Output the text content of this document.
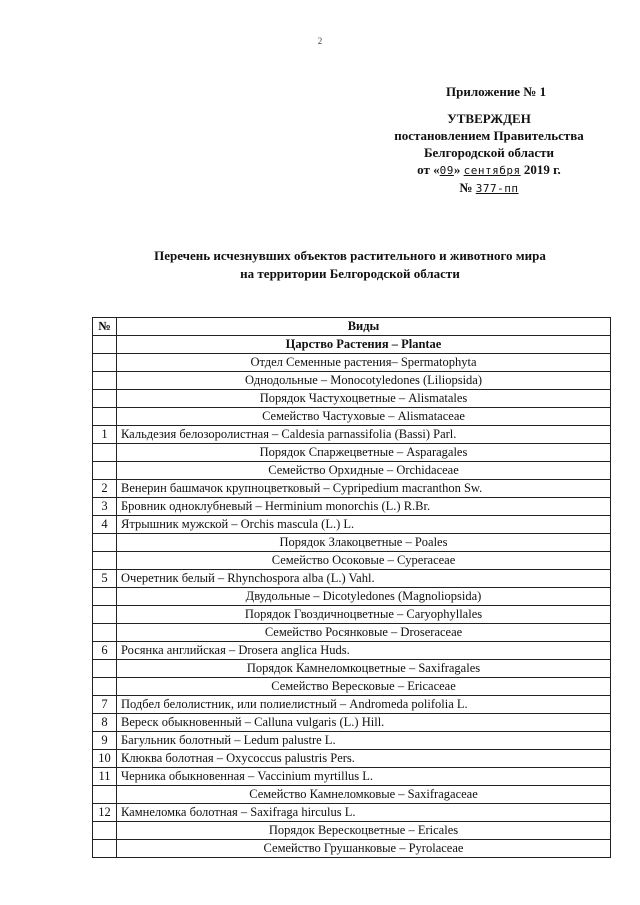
2
Приложение № 1
УТВЕРЖДЕН
постановлением Правительства
Белгородской области
от «09» сентября 2019 г.
№ 377-пп
Перечень исчезнувших объектов растительного и животного мира
на территории Белгородской области
№	Виды
	Царство Растения – Plantae
	Отдел Семенные растения– Spermatophyta
	Однодольные – Monocotyledones (Liliopsida)
	Порядок Частухоцветные – Alismatales
	Семейство Частуховые – Alismataceae
1	Кальдезия белозоролистная – Caldesia parnassifolia (Bassi) Parl.
	Порядок Спаржецветные – Asparagales
	Семейство Орхидные – Orchidaceae
2	Венерин башмачок крупноцветковый – Cypripedium macranthon Sw.
3	Бровник одноклубневый – Herminium monorchis (L.) R.Br.
4	Ятрышник мужской – Orchis mascula (L.) L.
	Порядок Злакоцветные – Poales
	Семейство Осоковые – Cyperaceae
5	Очеретник белый – Rhynchospora alba (L.) Vahl.
	Двудольные – Dicotyledones (Magnoliopsida)
	Порядок Гвоздичноцветные – Caryophyllales
	Семейство Росянковые – Droseraceae
6	Росянка английская – Drosera anglica Huds.
	Порядок Камнеломкоцветные – Saxifragales
	Семейство Вересковые – Ericaceae
7	Подбел белолистник, или полиелистный – Andromeda polifolia L.
8	Вереск обыкновенный – Calluna vulgaris (L.) Hill.
9	Багульник болотный – Ledum palustre L.
10	Клюква болотная – Oxycoccus palustris Pers.
11	Черника обыкновенная – Vaccinium myrtillus L.
	Семейство Камнеломковые – Saxifragaceae
12	Камнеломка болотная – Saxifraga hirculus L.
	Порядок Верескоцветные – Ericales
	Семейство Грушанковые – Pyrolaceae
